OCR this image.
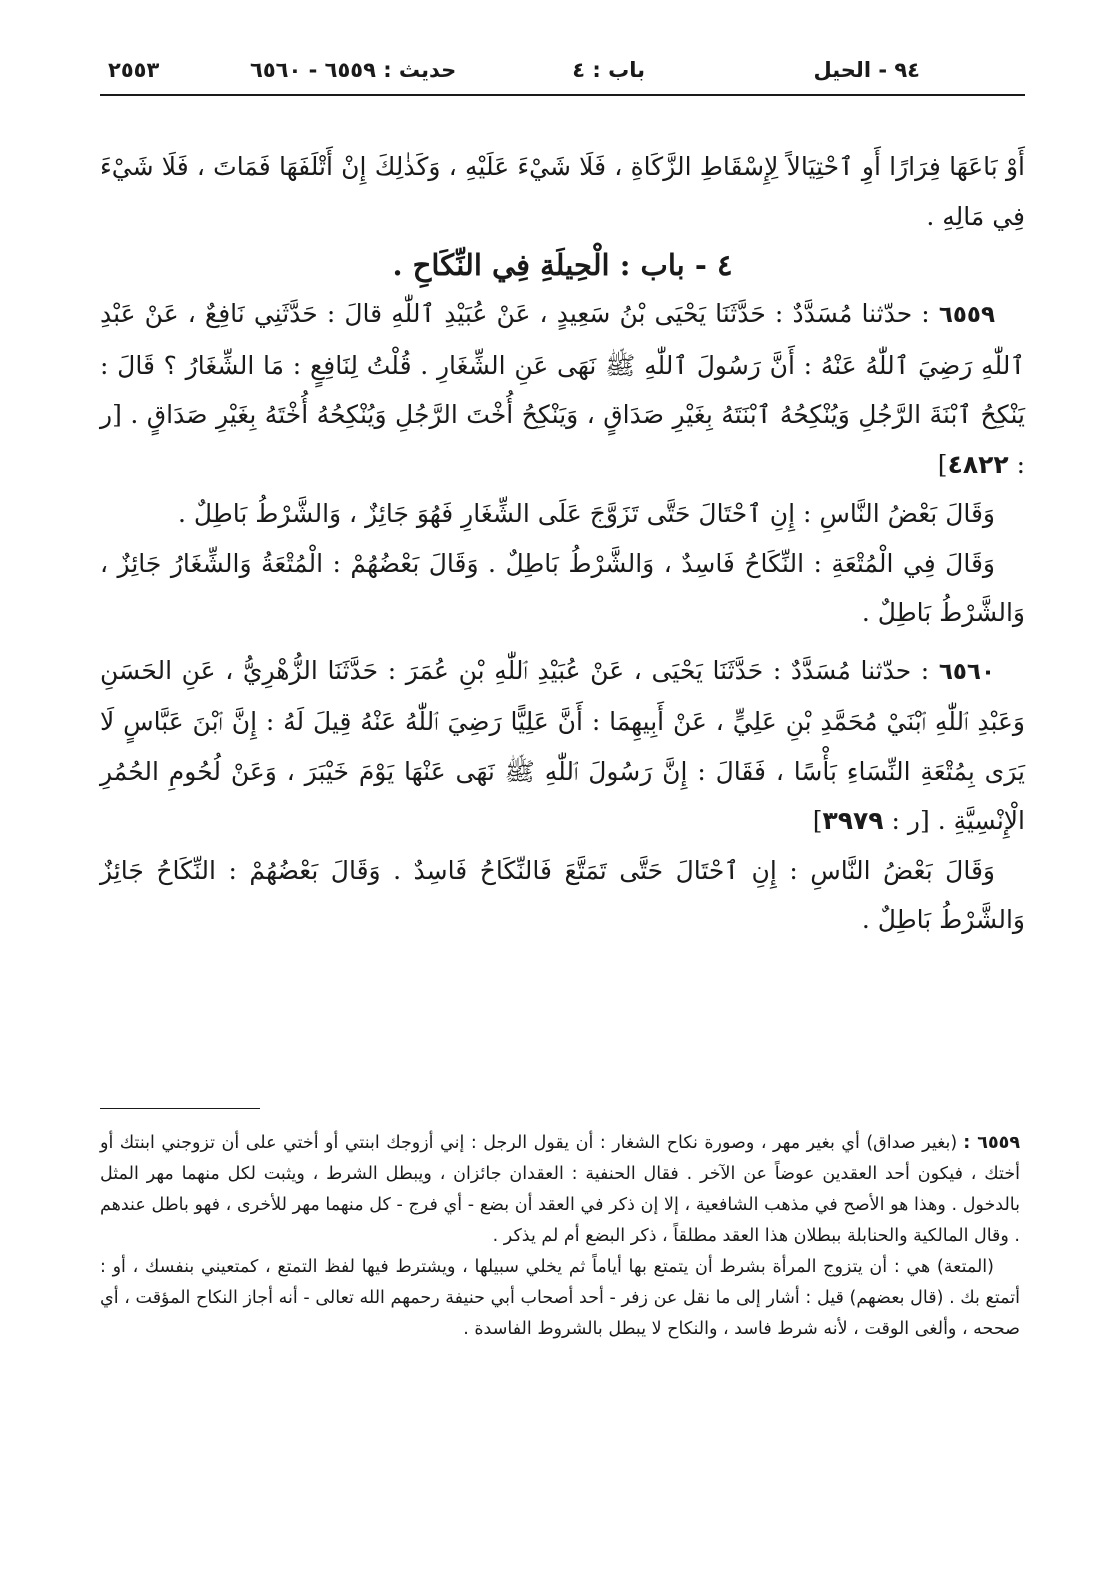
٩٤ - الحيل
باب : ٤
حديث : ٦٥٥٩ - ٦٥٦٠
٢٥٥٣

أَوْ بَاعَهَا فِرَارًا أَوِ ٱحْتِيَالاً لِإِسْقَاطِ الزَّكَاةِ ، فَلَا شَيْءَ عَلَيْهِ ، وَكَذٰلِكَ إِنْ أَتْلَفَهَا فَمَاتَ ، فَلَا شَيْءَ فِي مَالِهِ .

٤ - باب : الْحِيلَةِ فِي النِّكَاحِ .

٦٥٥٩ : حدّثنا مُسَدَّدٌ : حَدَّثَنَا يَحْيَى بْنُ سَعِيدٍ ، عَنْ عُبَيْدِ ٱللّٰهِ قالَ : حَدَّثَنِي نَافِعٌ ، عَنْ عَبْدِ ٱللّٰهِ رَضِيَ ٱللّٰهُ عَنْهُ : أَنَّ رَسُولَ ٱللّٰهِ ﷺ نَهَى عَنِ الشِّغَارِ . قُلْتُ لِنَافِعٍ : مَا الشِّغَارُ ؟ قَالَ : يَنْكِحُ ٱبْنَةَ الرَّجُلِ وَيُنْكِحُهُ ٱبْنَتَهُ بِغَيْرِ صَدَاقٍ ، وَيَنْكِحُ أُخْتَ الرَّجُلِ وَيُنْكِحُهُ أُخْتَهُ بِغَيْرِ صَدَاقٍ . [ر : ٤٨٢٢]

وَقَالَ بَعْضُ النَّاسِ : إِنِ ٱحْتَالَ حَتَّى تَزَوَّجَ عَلَى الشِّغَارِ فَهُوَ جَائِزٌ ، وَالشَّرْطُ بَاطِلٌ .

وَقَالَ فِي الْمُتْعَةِ : النِّكَاحُ فَاسِدٌ ، وَالشَّرْطُ بَاطِلٌ . وَقَالَ بَعْضُهُمْ : الْمُتْعَةُ وَالشِّغَارُ جَائِزٌ ، وَالشَّرْطُ بَاطِلٌ .

٦٥٦٠ : حدّثنا مُسَدَّدٌ : حَدَّثَنَا يَحْيَى ، عَنْ عُبَيْدِ ٱللّٰهِ بْنِ عُمَرَ : حَدَّثَنَا الزُّهْرِيُّ ، عَنِ الحَسَنِ وَعَبْدِ ٱللّٰهِ ٱبْنَيْ مُحَمَّدِ بْنِ عَلِيٍّ ، عَنْ أَبِيهِمَا : أَنَّ عَلِيًّا رَضِيَ ٱللّٰهُ عَنْهُ قِيلَ لَهُ : إِنَّ ٱبْنَ عَبَّاسٍ لَا يَرَى بِمُتْعَةِ النِّسَاءِ بَأْسًا ، فَقَالَ : إِنَّ رَسُولَ ٱللّٰهِ ﷺ نَهَى عَنْهَا يَوْمَ خَيْبَرَ ، وَعَنْ لُحُومِ الحُمُرِ الْإِنْسِيَّةِ . [ر : ٣٩٧٩]

وَقَالَ بَعْضُ النَّاسِ : إِنِ ٱحْتَالَ حَتَّى تَمَتَّعَ فَالنِّكَاحُ فَاسِدٌ . وَقَالَ بَعْضُهُمْ : النِّكَاحُ جَائِزٌ وَالشَّرْطُ بَاطِلٌ .

٦٥٥٩ :(بغير صداق) أي بغير مهر ، وصورة نكاح الشغار : أن يقول الرجل : إني أزوجك ابنتي أو أختي على أن تزوجني ابنتك أو أختك ، فيكون أحد العقدين عوضاً عن الآخر . فقال الحنفية : العقدان جائزان ، ويبطل الشرط ، ويثبت لكل منهما مهر المثل بالدخول . وهذا هو الأصح في مذهب الشافعية ، إلا إن ذكر في العقد أن بضع - أي فرج - كل منهما مهر للأخرى ، فهو باطل عندهم . وقال المالكية والحنابلة ببطلان هذا العقد مطلقاً ، ذكر البضع أم لم يذكر .

(المتعة) هي : أن يتزوج المرأة بشرط أن يتمتع بها أياماً ثم يخلي سبيلها ، ويشترط فيها لفظ التمتع ، كمتعيني بنفسك ، أو : أتمتع بك . (قال بعضهم) قيل : أشار إلى ما نقل عن زفر - أحد أصحاب أبي حنيفة رحمهم الله تعالى - أنه أجاز النكاح المؤقت ، أي صححه ، وألغى الوقت ، لأنه شرط فاسد ، والنكاح لا يبطل بالشروط الفاسدة .
